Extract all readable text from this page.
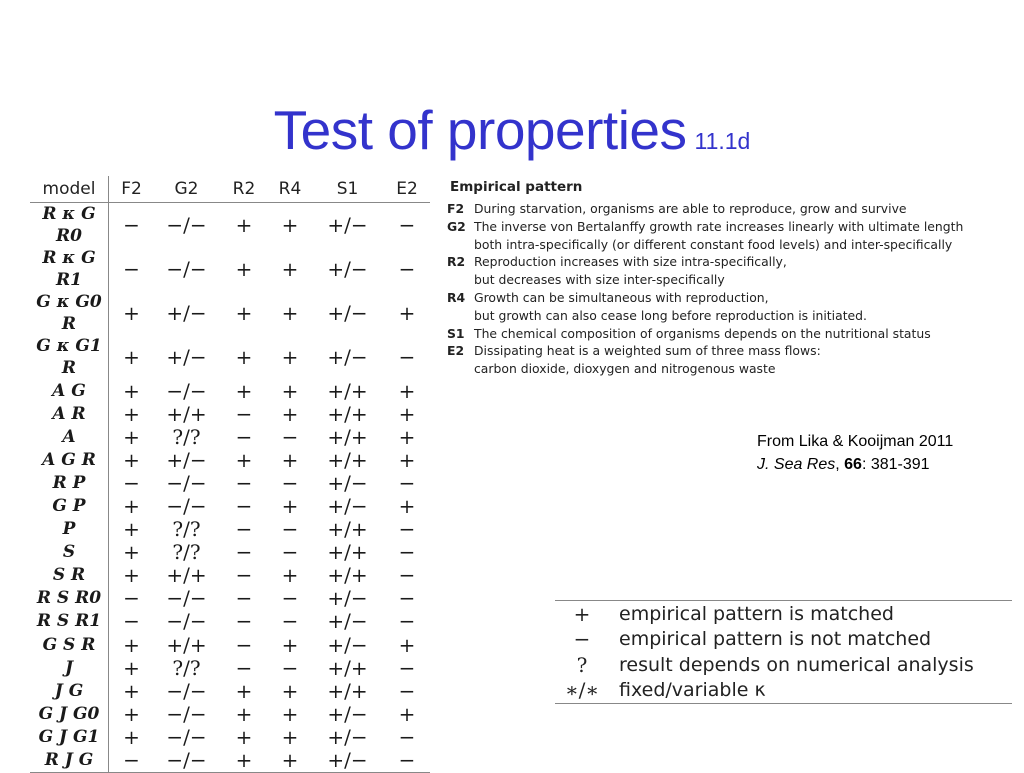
Test of properties 11.1d
model	F2	G2	R2	R4	S1	E2
R κ G R0	−	−/−	+	+	+/−	−
R κ G R1	−	−/−	+	+	+/−	−
G κ G0 R	+	+/−	+	+	+/−	+
G κ G1 R	+	+/−	+	+	+/−	−
A G	+	−/−	+	+	+/+	+
A R	+	+/+	−	+	+/+	+
A	+	?/?	−	−	+/+	+
A G R	+	+/−	+	+	+/+	+
R P	−	−/−	−	−	+/−	−
G P	+	−/−	−	+	+/−	+
P	+	?/?	−	−	+/+	−
S	+	?/?	−	−	+/+	−
S R	+	+/+	−	+	+/+	−
R S R0	−	−/−	−	−	+/−	−
R S R1	−	−/−	−	−	+/−	−
G S R	+	+/+	−	+	+/−	+
J	+	?/?	−	−	+/+	−
J G	+	−/−	+	+	+/+	−
G J G0	+	−/−	+	+	+/−	+
G J G1	+	−/−	+	+	+/−	−
R J G	−	−/−	+	+	+/−	−
Empirical pattern
F2 During starvation, organisms are able to reproduce, grow and survive
G2 The inverse von Bertalanffy growth rate increases linearly with ultimate length
both intra-specifically (or different constant food levels) and inter-specifically
R2 Reproduction increases with size intra-specifically,
but decreases with size inter-specifically
R4 Growth can be simultaneous with reproduction,
but growth can also cease long before reproduction is initiated.
S1 The chemical composition of organisms depends on the nutritional status
E2 Dissipating heat is a weighted sum of three mass flows:
carbon dioxide, dioxygen and nitrogenous waste
From Lika & Kooijman 2011
J. Sea Res, 66: 381-391
+	empirical pattern is matched
−	empirical pattern is not matched
?	result depends on numerical analysis
∗/∗	fixed/variable κ
